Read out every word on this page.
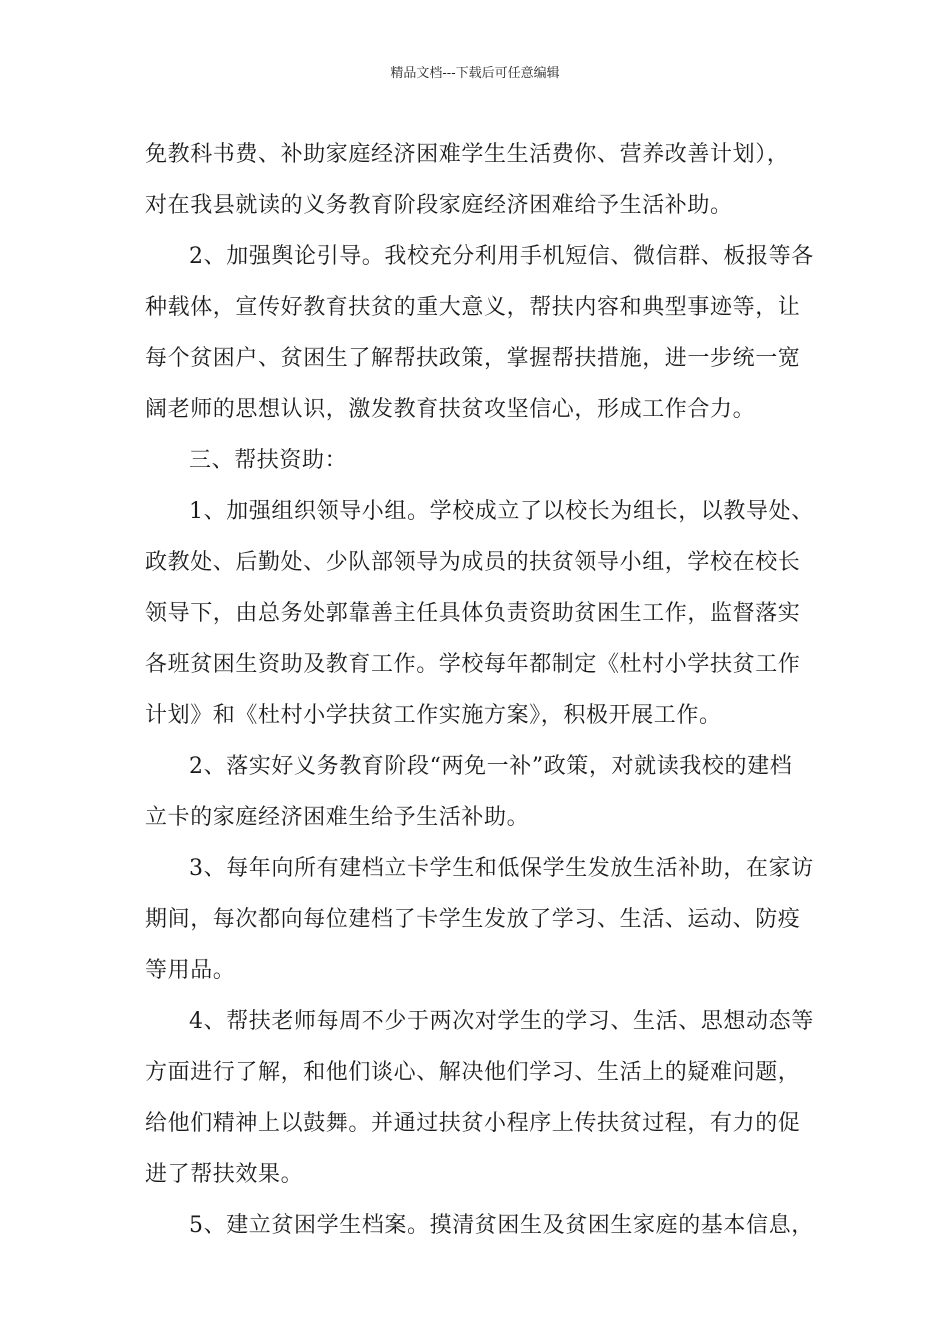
精品文档---下载后可任意编辑
免教科书费、补助家庭经济困难学生生活费你、营养改善计划），
对在我县就读的义务教育阶段家庭经济困难给予生活补助。
2、加强舆论引导。我校充分利用手机短信、微信群、板报等各
种载体，宣传好教育扶贫的重大意义，帮扶内容和典型事迹等，让
每个贫困户、贫困生了解帮扶政策，掌握帮扶措施，进一步统一宽
阔老师的思想认识，激发教育扶贫攻坚信心，形成工作合力。
三、帮扶资助：
1、加强组织领导小组。学校成立了以校长为组长，以教导处、
政教处、后勤处、少队部领导为成员的扶贫领导小组，学校在校长
领导下，由总务处郭靠善主任具体负责资助贫困生工作，监督落实
各班贫困生资助及教育工作。学校每年都制定《杜村小学扶贫工作
计划》和《杜村小学扶贫工作实施方案》，积极开展工作。
2、落实好义务教育阶段“两免一补”政策，对就读我校的建档
立卡的家庭经济困难生给予生活补助。
3、每年向所有建档立卡学生和低保学生发放生活补助，在家访
期间，每次都向每位建档了卡学生发放了学习、生活、运动、防疫
等用品。
4、帮扶老师每周不少于两次对学生的学习、生活、思想动态等
方面进行了解，和他们谈心、解决他们学习、生活上的疑难问题，
给他们精神上以鼓舞。并通过扶贫小程序上传扶贫过程，有力的促
进了帮扶效果。
5、建立贫困学生档案。摸清贫困生及贫困生家庭的基本信息，
